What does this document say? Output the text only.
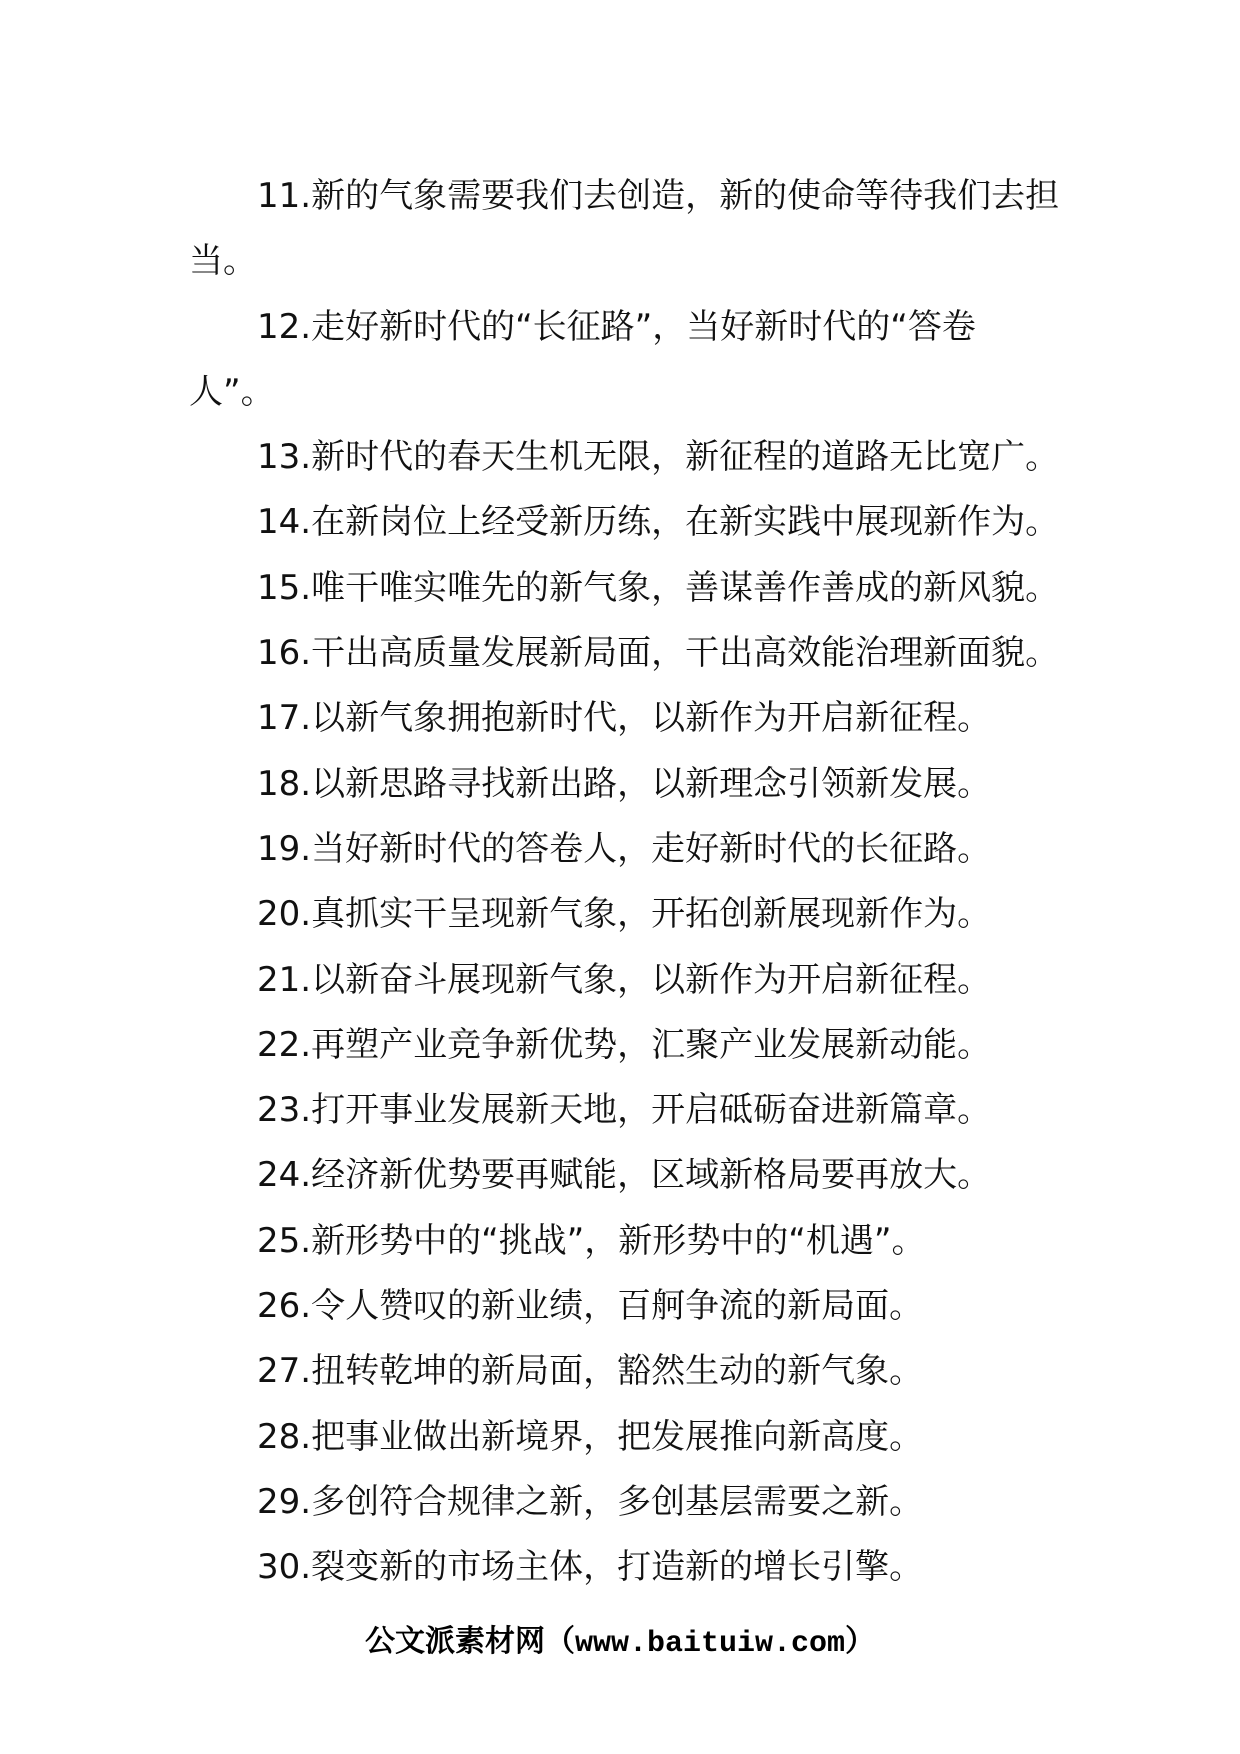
11.新的气象需要我们去创造，新的使命等待我们去担
当。
12.走好新时代的“长征路”，当好新时代的“答卷
人”。
13.新时代的春天生机无限，新征程的道路无比宽广。
14.在新岗位上经受新历练，在新实践中展现新作为。
15.唯干唯实唯先的新气象，善谋善作善成的新风貌。
16.干出高质量发展新局面，干出高效能治理新面貌。
17.以新气象拥抱新时代，以新作为开启新征程。
18.以新思路寻找新出路，以新理念引领新发展。
19.当好新时代的答卷人，走好新时代的长征路。
20.真抓实干呈现新气象，开拓创新展现新作为。
21.以新奋斗展现新气象，以新作为开启新征程。
22.再塑产业竞争新优势，汇聚产业发展新动能。
23.打开事业发展新天地，开启砥砺奋进新篇章。
24.经济新优势要再赋能，区域新格局要再放大。
25.新形势中的“挑战”，新形势中的“机遇”。
26.令人赞叹的新业绩，百舸争流的新局面。
27.扭转乾坤的新局面，豁然生动的新气象。
28.把事业做出新境界，把发展推向新高度。
29.多创符合规律之新，多创基层需要之新。
30.裂变新的市场主体，打造新的增长引擎。
公文派素材网（www.baituiw.com）
